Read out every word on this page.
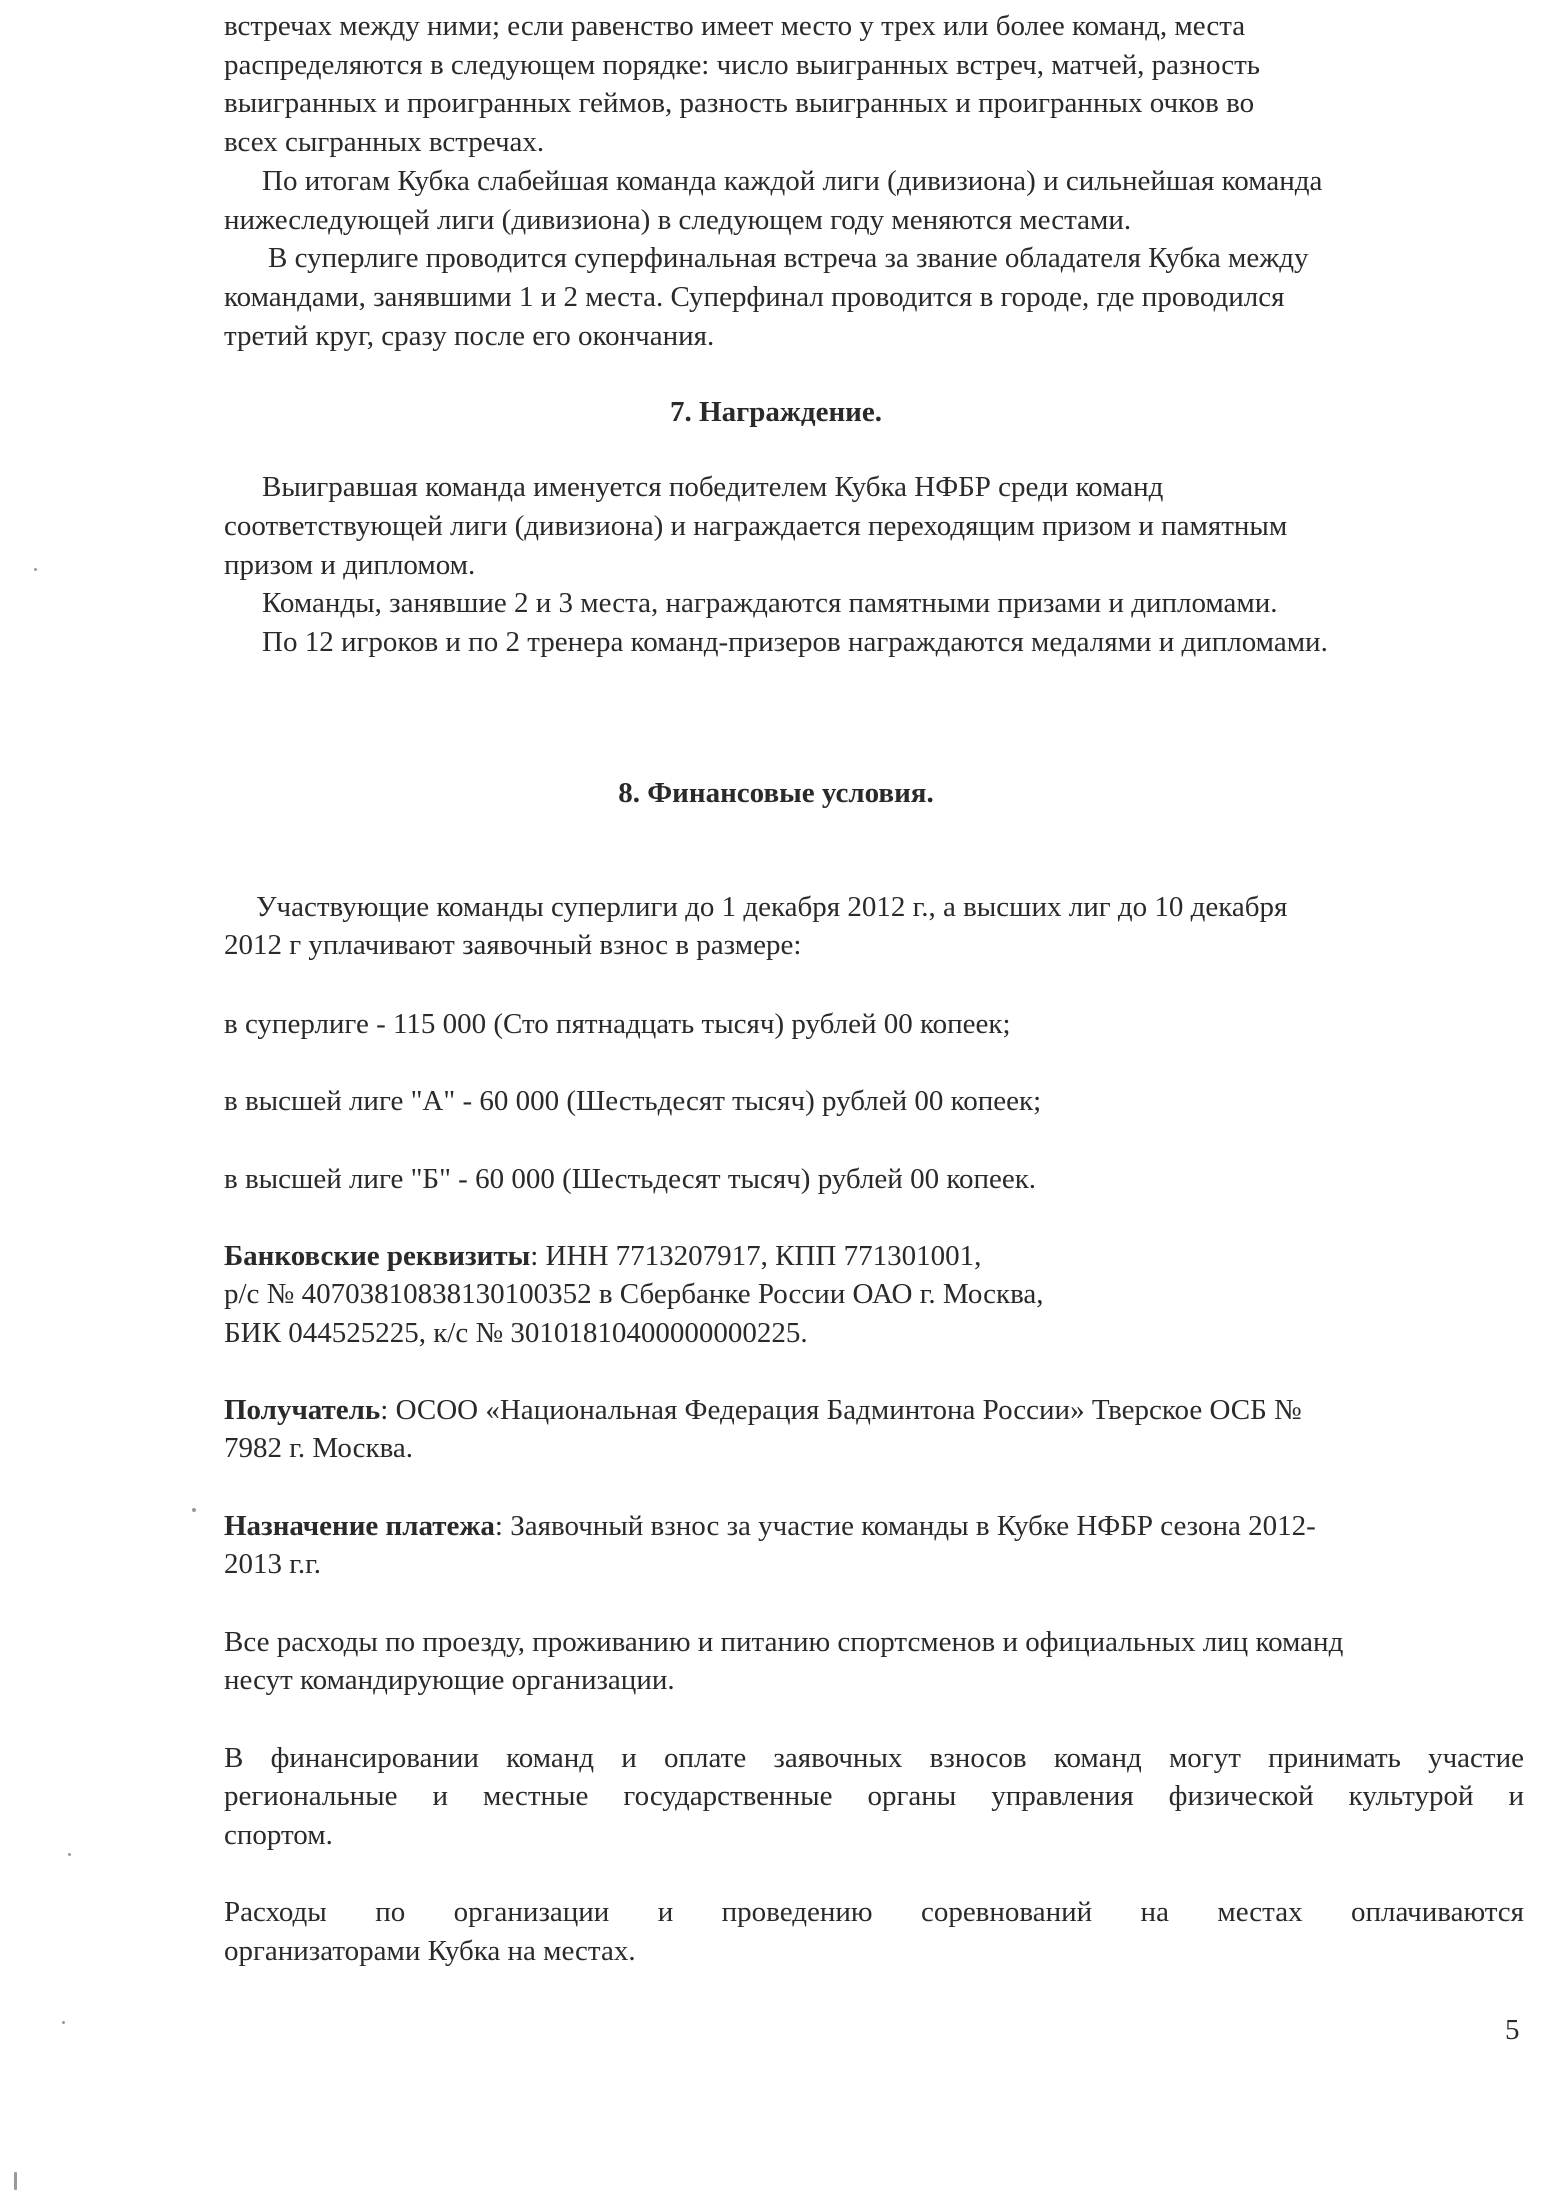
встречах между ними; если равенство имеет место у трех или более команд, места

распределяются в следующем порядке: число выигранных встреч, матчей, разность

выигранных и проигранных геймов, разность выигранных и проигранных очков во

всех сыгранных встречах.

По итогам Кубка слабейшая команда каждой лиги (дивизиона) и сильнейшая команда

нижеследующей лиги (дивизиона) в следующем году меняются местами.

В суперлиге проводится суперфинальная встреча за звание обладателя Кубка между

командами, занявшими 1 и 2 места. Суперфинал проводится в городе, где проводился

третий круг, сразу после его окончания.

7. Награждение.

Выигравшая команда именуется победителем Кубка НФБР среди команд

соответствующей лиги (дивизиона) и награждается переходящим призом и памятным

призом и дипломом.

Команды, занявшие 2 и 3 места, награждаются памятными призами и дипломами.

По 12 игроков и по 2 тренера команд-призеров награждаются медалями и дипломами.

8. Финансовые условия.

Участвующие команды суперлиги до 1 декабря 2012 г., а высших лиг до 10 декабря

2012 г уплачивают заявочный взнос в размере:

в суперлиге - 115 000 (Сто пятнадцать тысяч) рублей 00 копеек;

в высшей лиге "А" - 60 000 (Шестьдесят тысяч) рублей 00 копеек;

в высшей лиге "Б" - 60 000 (Шестьдесят тысяч) рублей 00 копеек.

Банковские реквизиты: ИНН 7713207917, КПП 771301001,

р/с № 40703810838130100352 в Сбербанке России ОАО г. Москва,

БИК 044525225, к/с № 30101810400000000225.

Получатель: ОСОО «Национальная Федерация Бадминтона России» Тверское ОСБ №

7982 г. Москва.

Назначение платежа: Заявочный взнос за участие команды в Кубке НФБР сезона 2012-

2013 г.г.

Все расходы по проезду, проживанию и питанию спортсменов и официальных лиц команд

несут командирующие организации.

В финансировании команд и оплате заявочных взносов команд могут принимать участие

региональные и местные государственные органы управления физической культурой и

спортом.

Расходы по организации и проведению соревнований на местах оплачиваются

организаторами Кубка на местах.

5
